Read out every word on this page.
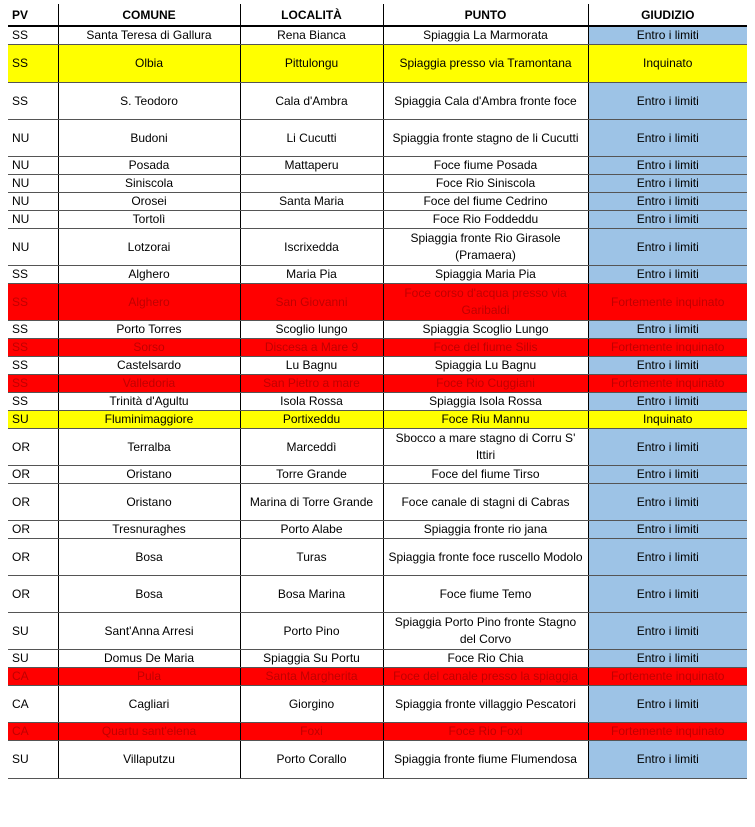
PV	COMUNE	LOCALITÀ	PUNTO	GIUDIZIO
SS	Santa Teresa di Gallura	Rena Bianca	Spiaggia La Marmorata	Entro i limiti
SS	Olbia	Pittulongu	Spiaggia presso via Tramontana	Inquinato
SS	S. Teodoro	Cala d'Ambra	Spiaggia Cala d'Ambra fronte foce	Entro i limiti
NU	Budoni	Li Cucutti	Spiaggia fronte stagno de li Cucutti	Entro i limiti
NU	Posada	Mattaperu	Foce fiume Posada	Entro i limiti
NU	Siniscola		Foce Rio Siniscola	Entro i limiti
NU	Orosei	Santa Maria	Foce del fiume Cedrino	Entro i limiti
NU	Tortolì		Foce Rio Foddeddu	Entro i limiti
NU	Lotzorai	Iscrixedda	Spiaggia fronte Rio Girasole (Pramaera)	Entro i limiti
SS	Alghero	Maria Pia	Spiaggia Maria Pia	Entro i limiti
SS	Alghero	San Giovanni	Foce corso d'acqua presso via Garibaldi	Fortemente inquinato
SS	Porto Torres	Scoglio lungo	Spiaggia Scoglio Lungo	Entro i limiti
SS	Sorso	Discesa a Mare 9	Foce del fiume Silis	Fortemente inquinato
SS	Castelsardo	Lu Bagnu	Spiaggia Lu Bagnu	Entro i limiti
SS	Valledoria	San Pietro a mare	Foce Rio Cuggiani	Fortemente inquinato
SS	Trinità d'Agultu	Isola Rossa	Spiaggia Isola Rossa	Entro i limiti
SU	Fluminimaggiore	Portixeddu	Foce Riu Mannu	Inquinato
OR	Terralba	Marceddì	Sbocco a mare stagno di Corru S' Ittiri	Entro i limiti
OR	Oristano	Torre Grande	Foce del fiume Tirso	Entro i limiti
OR	Oristano	Marina di Torre Grande	Foce canale di stagni di Cabras	Entro i limiti
OR	Tresnuraghes	Porto Alabe	Spiaggia fronte rio jana	Entro i limiti
OR	Bosa	Turas	Spiaggia fronte foce ruscello Modolo	Entro i limiti
OR	Bosa	Bosa Marina	Foce fiume Temo	Entro i limiti
SU	Sant'Anna Arresi	Porto Pino	Spiaggia Porto Pino fronte Stagno del Corvo	Entro i limiti
SU	Domus De Maria	Spiaggia Su Portu	Foce Rio Chia	Entro i limiti
CA	Pula	Santa Margherita	Foce del canale presso la spiaggia	Fortemente inquinato
CA	Cagliari	Giorgino	Spiaggia fronte villaggio Pescatori	Entro i limiti
CA	Quartu sant'elena	Foxi	Foce Rio Foxi	Fortemente inquinato
SU	Villaputzu	Porto Corallo	Spiaggia fronte fiume Flumendosa	Entro i limiti
